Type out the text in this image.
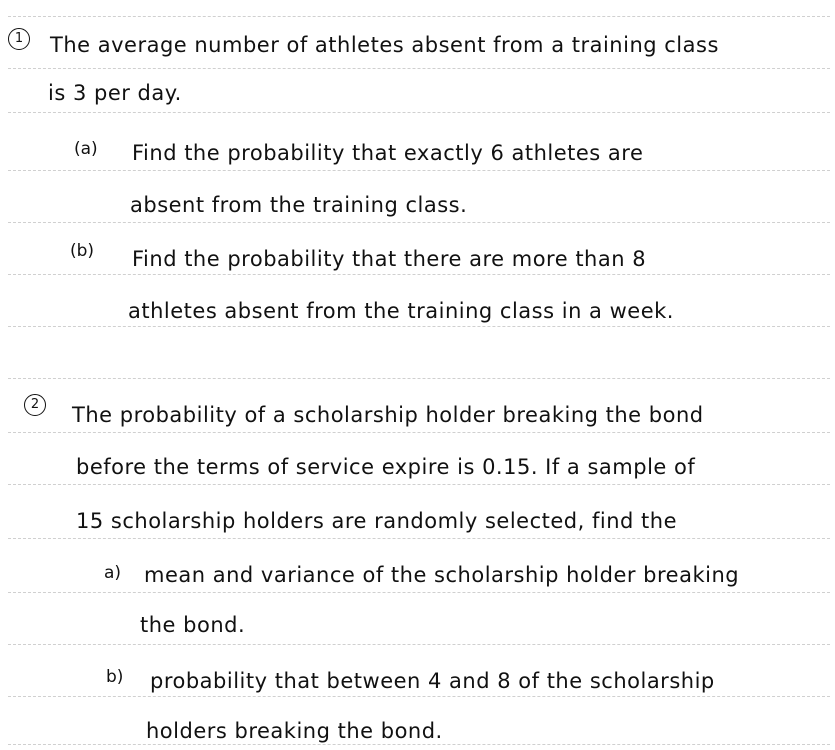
1	The average number of athletes absent from a training class
is 3 per day.
(a) Find the probability that exactly 6 athletes are
absent from the training class.
(b) Find the probability that there are more than 8
athletes absent from the training class in a week.
2	The probability of a scholarship holder breaking the bond
before the terms of service expire is 0.15. If a sample of
15 scholarship holders are randomly selected, find the
a) mean and variance of the scholarship holder breaking
the bond.
b) probability that between 4 and 8 of the scholarship
holders breaking the bond.
